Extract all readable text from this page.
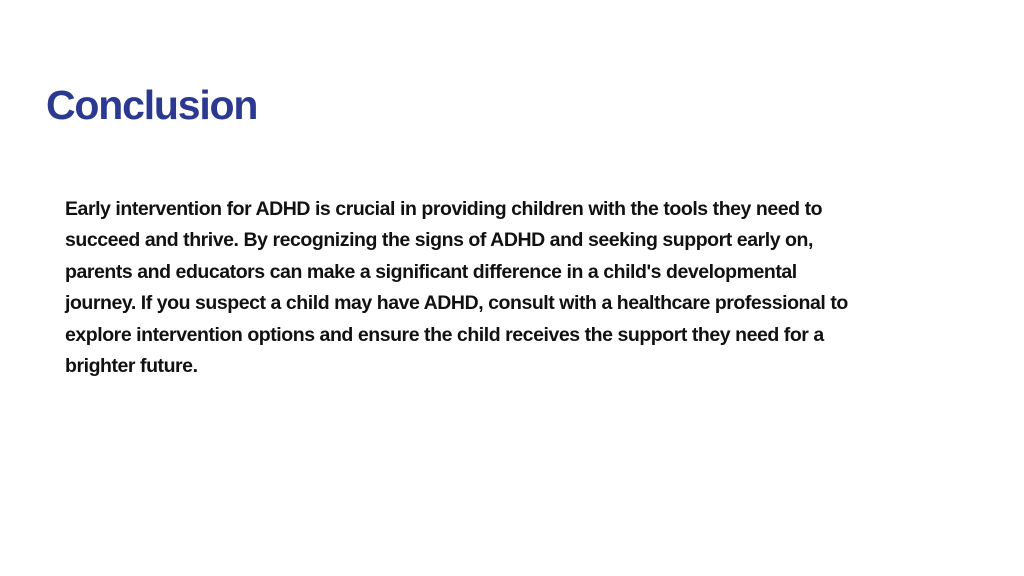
Conclusion

Early intervention for ADHD is crucial in providing children with the tools they need to succeed and thrive. By recognizing the signs of ADHD and seeking support early on, parents and educators can make a significant difference in a child's developmental journey. If you suspect a child may have ADHD, consult with a healthcare professional to explore intervention options and ensure the child receives the support they need for a brighter future.
